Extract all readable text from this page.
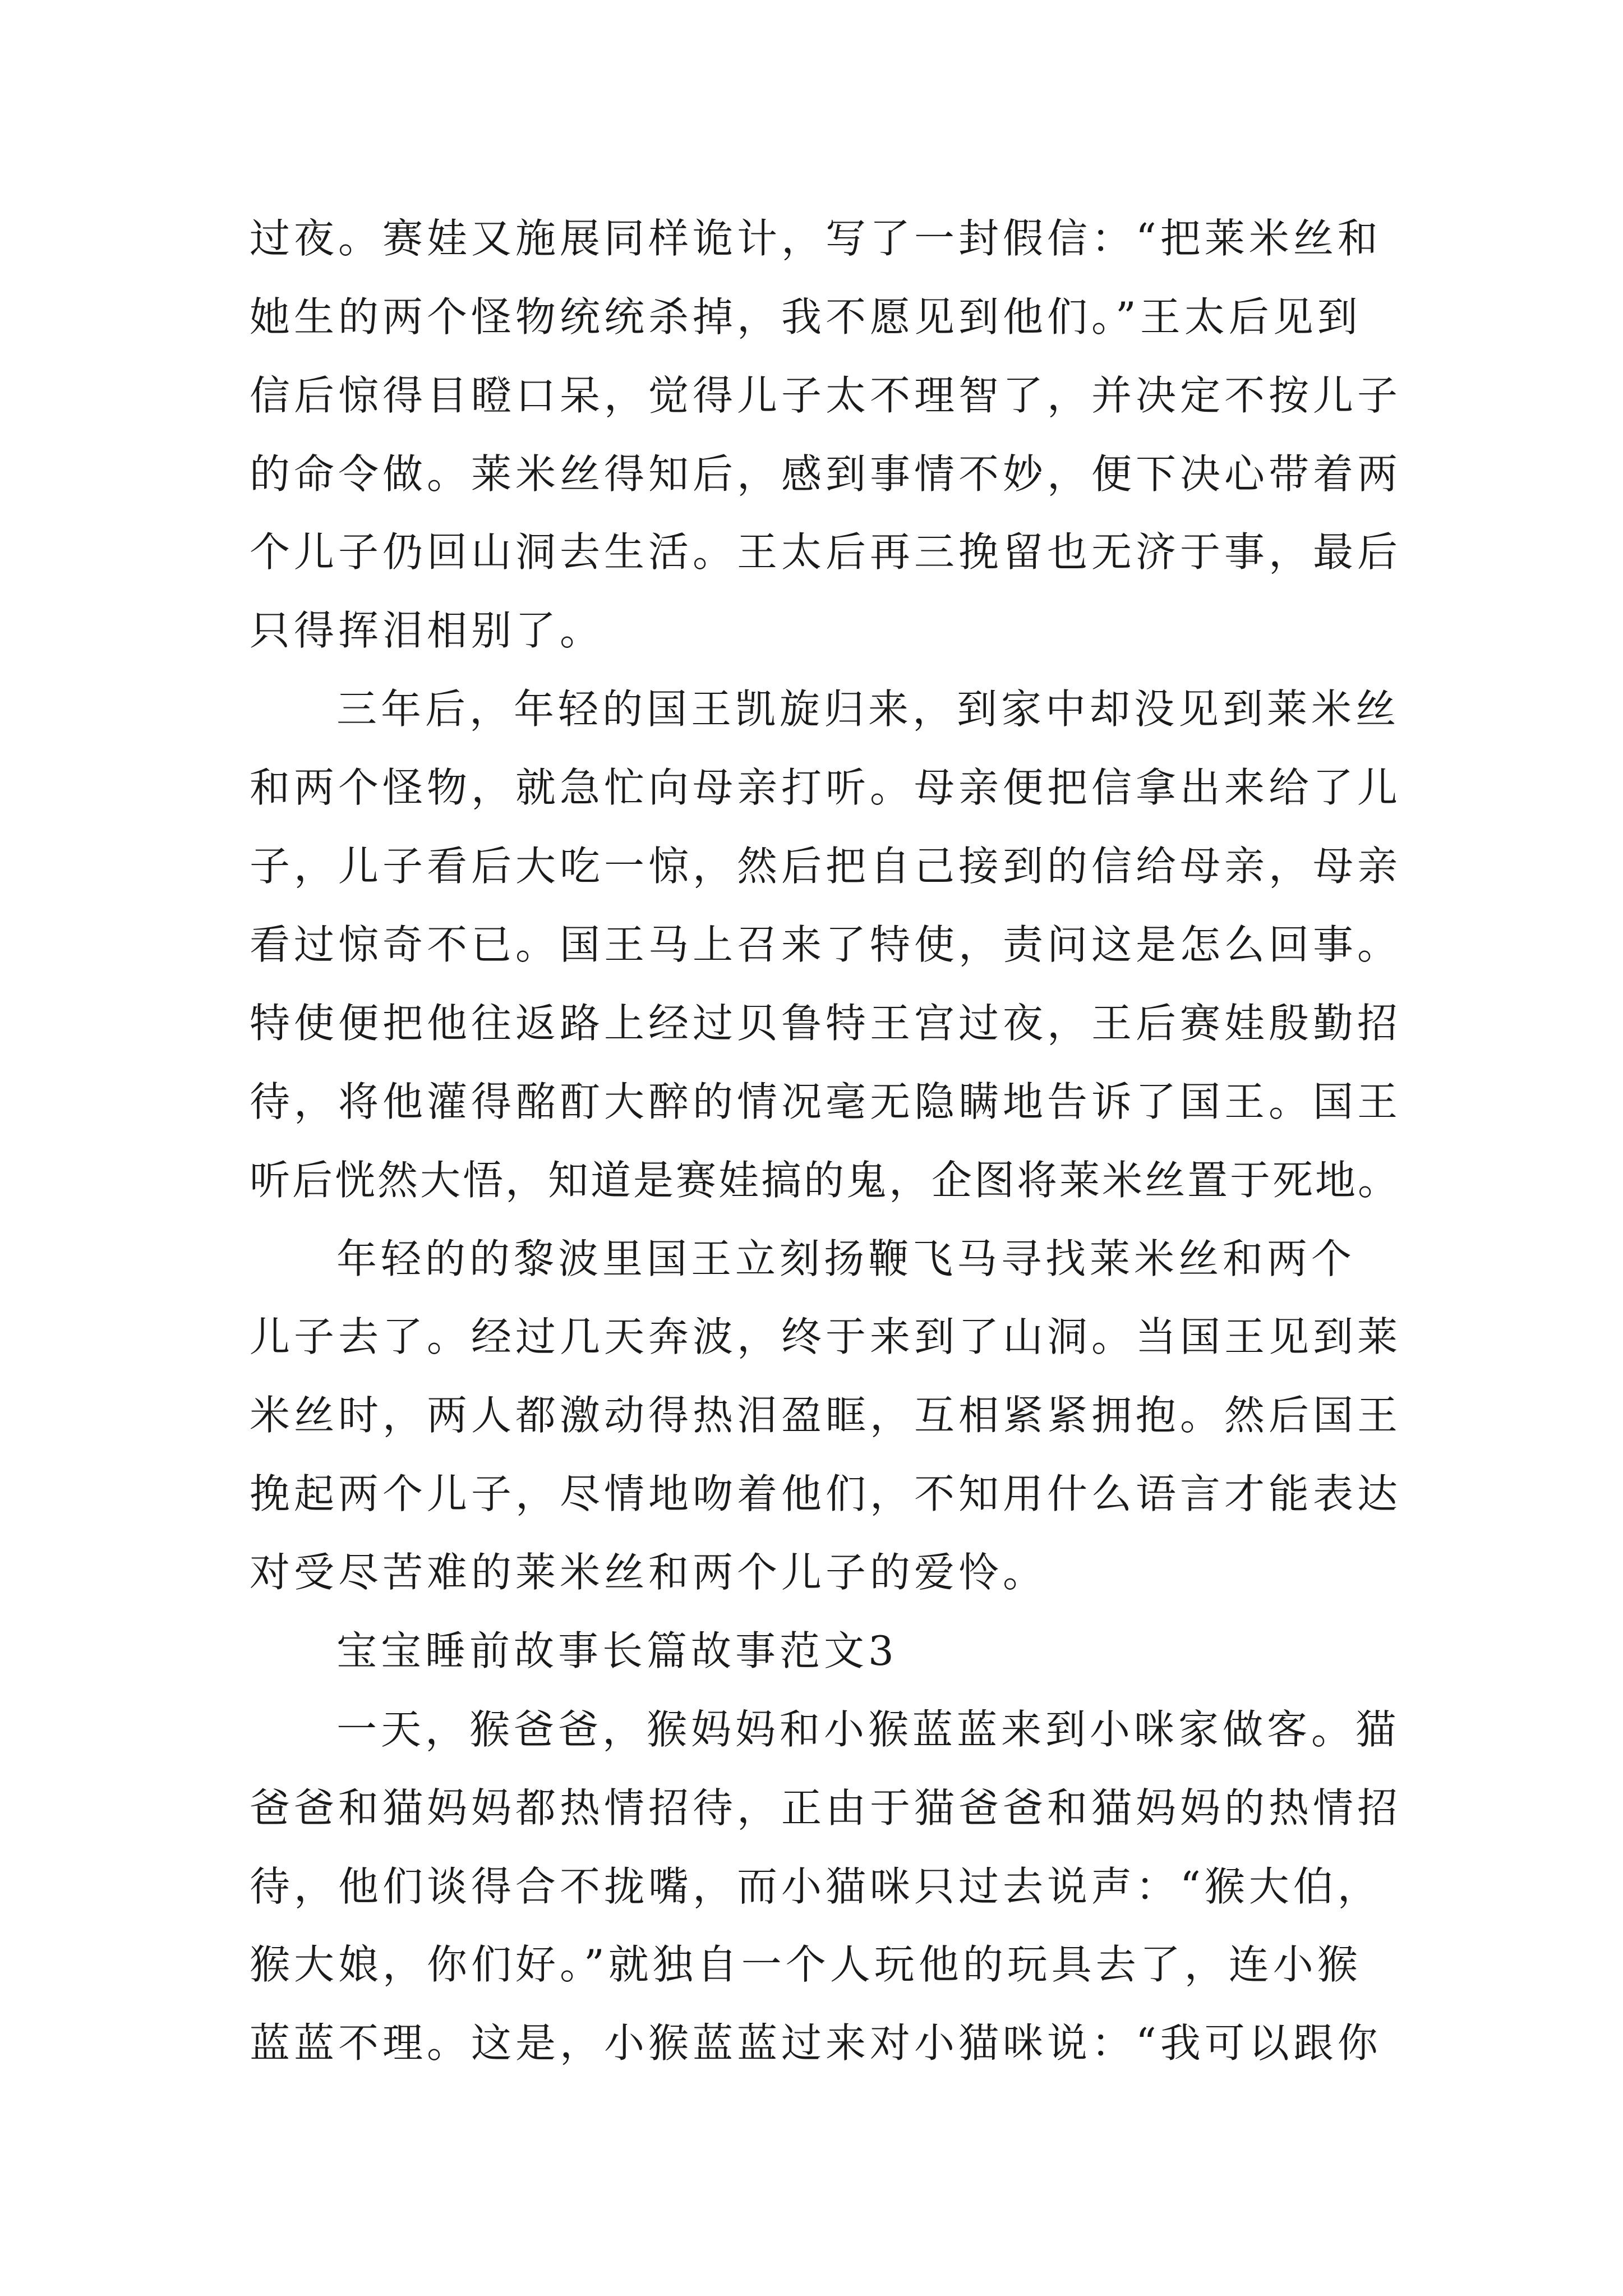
过夜。赛娃又施展同样诡计，写了一封假信：“把莱米丝和
她生的两个怪物统统杀掉，我不愿见到他们。”王太后见到
信后惊得目瞪口呆，觉得儿子太不理智了，并决定不按儿子
的命令做。莱米丝得知后，感到事情不妙，便下决心带着两
个儿子仍回山洞去生活。王太后再三挽留也无济于事，最后
只得挥泪相别了。
三年后，年轻的国王凯旋归来，到家中却没见到莱米丝
和两个怪物，就急忙向母亲打听。母亲便把信拿出来给了儿
子，儿子看后大吃一惊，然后把自己接到的信给母亲，母亲
看过惊奇不已。国王马上召来了特使，责问这是怎么回事。
特使便把他往返路上经过贝鲁特王宫过夜，王后赛娃殷勤招
待，将他灌得酩酊大醉的情况毫无隐瞒地告诉了国王。国王
听后恍然大悟，知道是赛娃搞的鬼，企图将莱米丝置于死地。
年轻的的黎波里国王立刻扬鞭飞马寻找莱米丝和两个
儿子去了。经过几天奔波，终于来到了山洞。当国王见到莱
米丝时，两人都激动得热泪盈眶，互相紧紧拥抱。然后国王
挽起两个儿子，尽情地吻着他们，不知用什么语言才能表达
对受尽苦难的莱米丝和两个儿子的爱怜。
宝宝睡前故事长篇故事范文3
一天，猴爸爸，猴妈妈和小猴蓝蓝来到小咪家做客。猫
爸爸和猫妈妈都热情招待，正由于猫爸爸和猫妈妈的热情招
待，他们谈得合不拢嘴，而小猫咪只过去说声：“猴大伯，
猴大娘，你们好。”就独自一个人玩他的玩具去了，连小猴
蓝蓝不理。这是，小猴蓝蓝过来对小猫咪说：“我可以跟你
